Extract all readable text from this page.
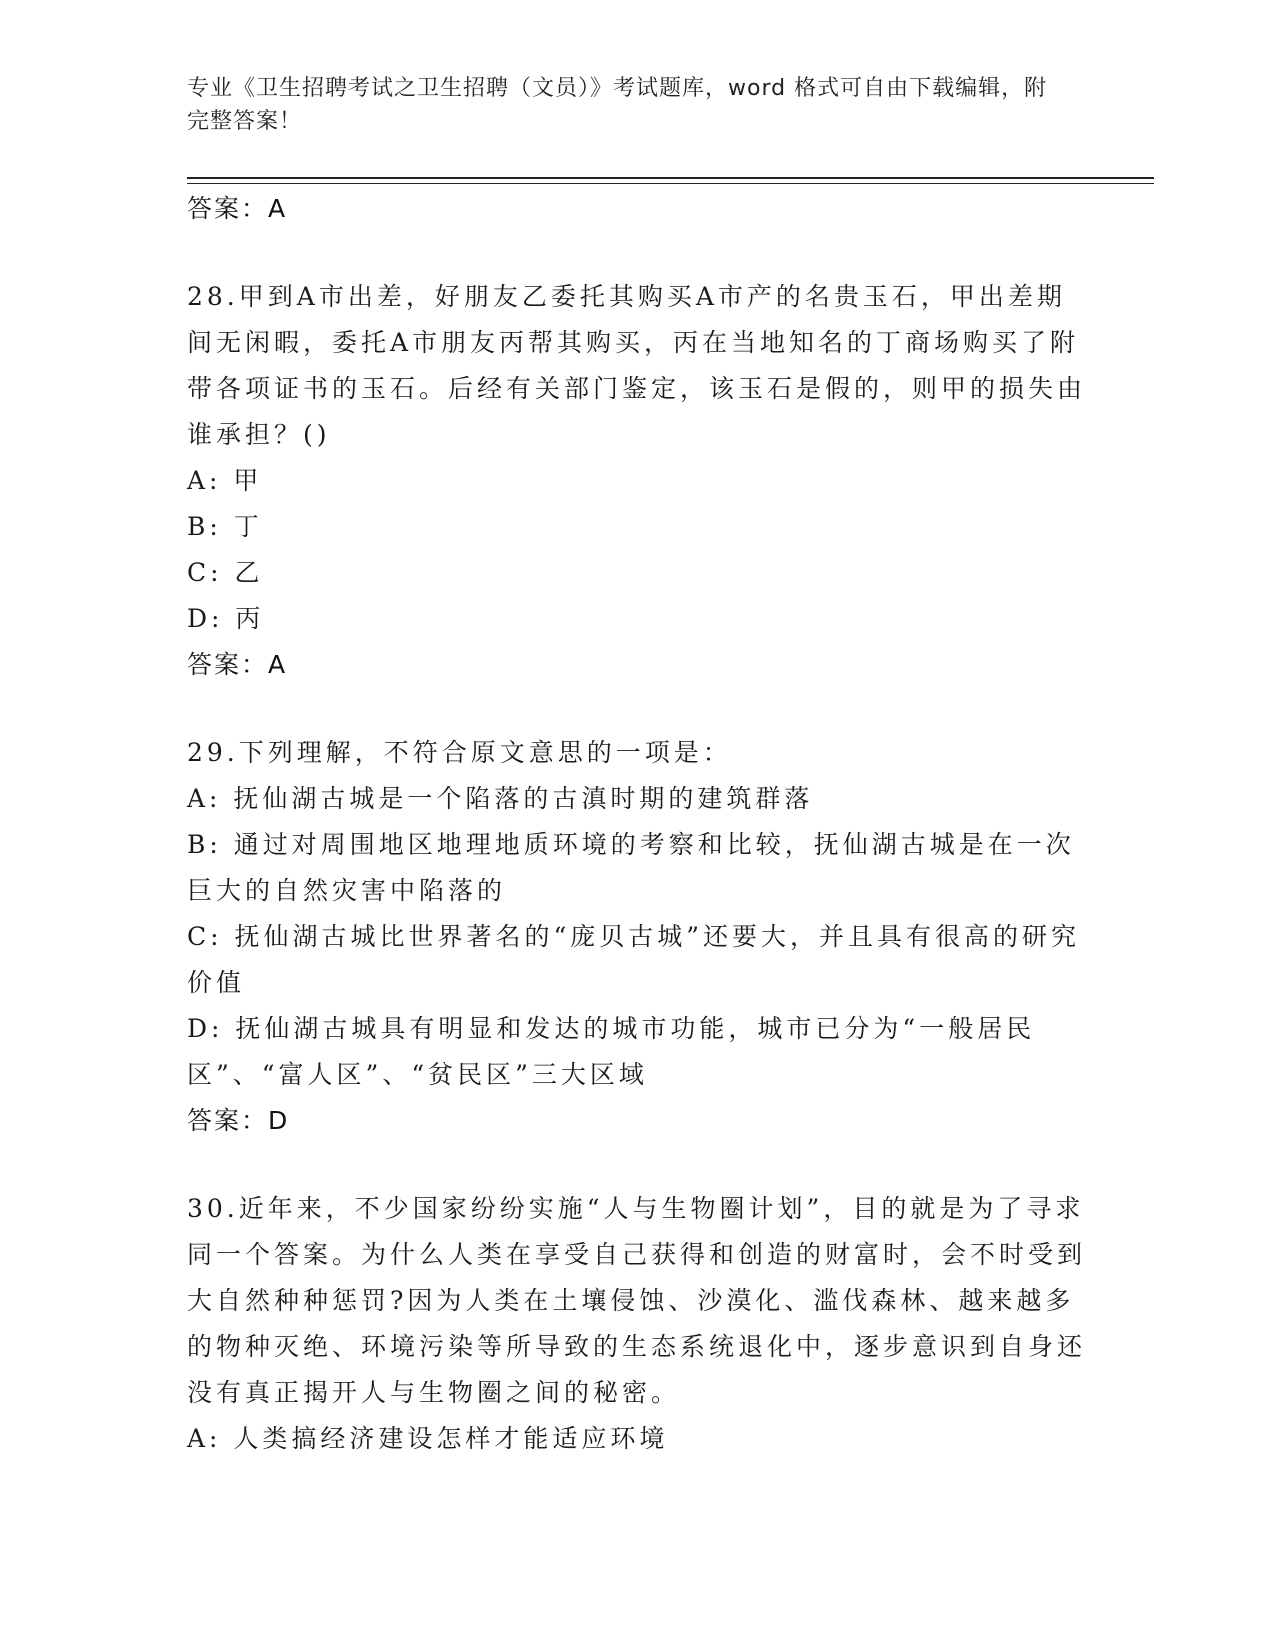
专业《卫生招聘考试之卫生招聘（文员）》考试题库，word 格式可自由下载编辑，附完整答案！
答案：A
28.甲到A市出差，好朋友乙委托其购买A市产的名贵玉石，甲出差期间无闲暇，委托A市朋友丙帮其购买，丙在当地知名的丁商场购买了附带各项证书的玉石。后经有关部门鉴定，该玉石是假的，则甲的损失由谁承担？()
A: 甲
B: 丁
C: 乙
D: 丙
答案：A
29.下列理解，不符合原文意思的一项是：
A: 抚仙湖古城是一个陷落的古滇时期的建筑群落
B: 通过对周围地区地理地质环境的考察和比较，抚仙湖古城是在一次巨大的自然灾害中陷落的
C: 抚仙湖古城比世界著名的“庞贝古城”还要大，并且具有很高的研究价值
D: 抚仙湖古城具有明显和发达的城市功能，城市已分为“一般居民区”、“富人区”、“贫民区”三大区域
答案：D
30.近年来，不少国家纷纷实施“人与生物圈计划”，目的就是为了寻求同一个答案。为什么人类在享受自己获得和创造的财富时，会不时受到大自然种种惩罚?因为人类在土壤侵蚀、沙漠化、滥伐森林、越来越多的物种灭绝、环境污染等所导致的生态系统退化中，逐步意识到自身还没有真正揭开人与生物圈之间的秘密。
A: 人类搞经济建设怎样才能适应环境
